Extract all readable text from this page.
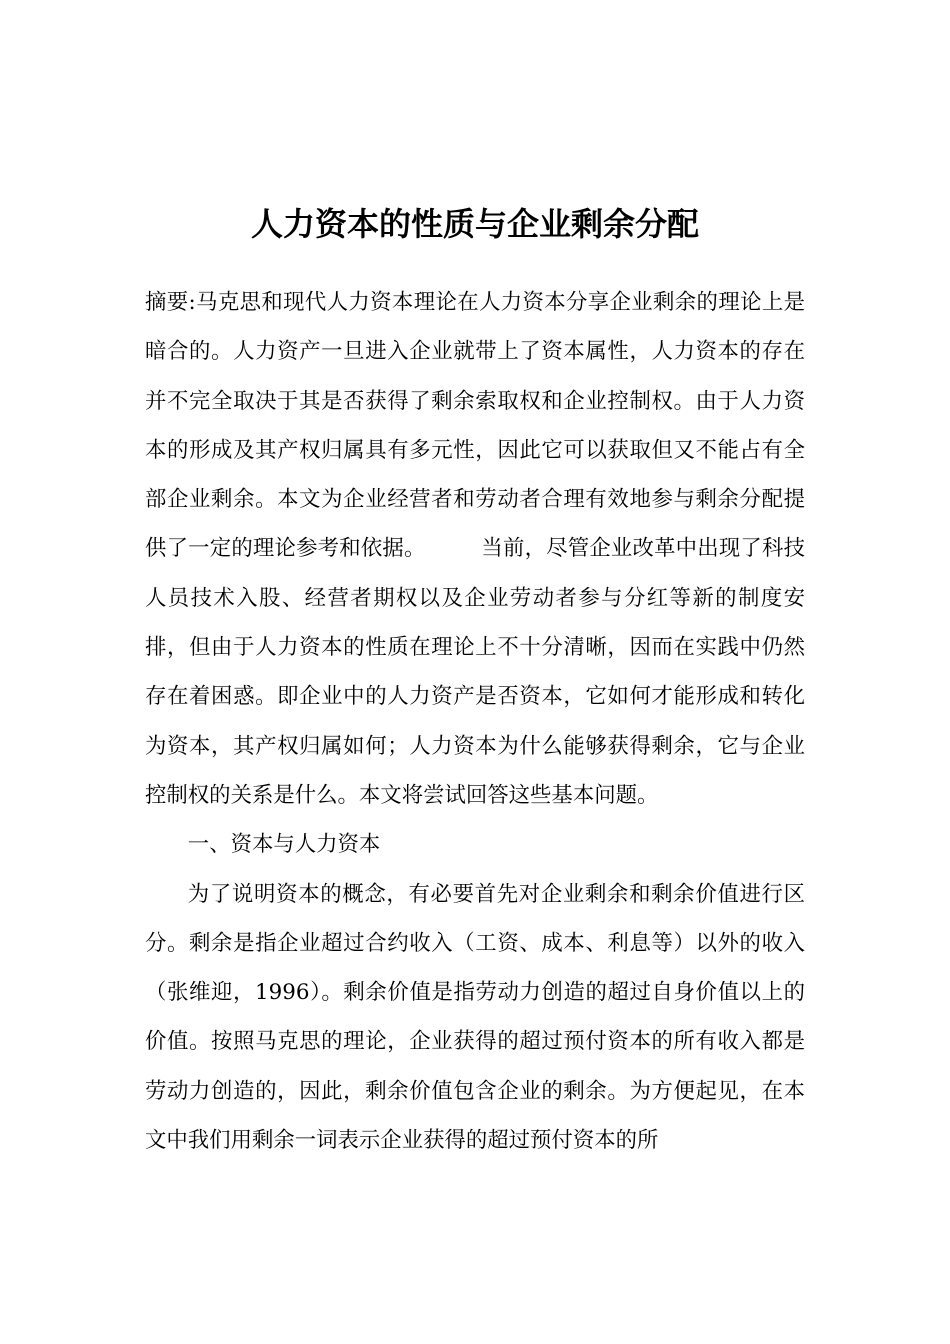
人力资本的性质与企业剩余分配

摘要:马克思和现代人力资本理论在人力资本分享企业剩余的理论上是暗合的。人力资产一旦进入企业就带上了资本属性，人力资本的存在并不完全取决于其是否获得了剩余索取权和企业控制权。由于人力资本的形成及其产权归属具有多元性，因此它可以获取但又不能占有全部企业剩余。本文为企业经营者和劳动者合理有效地参与剩余分配提供了一定的理论参考和依据。	当前，尽管企业改革中出现了科技人员技术入股、经营者期权以及企业劳动者参与分红等新的制度安排，但由于人力资本的性质在理论上不十分清晰，因而在实践中仍然存在着困惑。即企业中的人力资产是否资本，它如何才能形成和转化为资本，其产权归属如何；人力资本为什么能够获得剩余，它与企业控制权的关系是什么。本文将尝试回答这些基本问题。

一、资本与人力资本

为了说明资本的概念，有必要首先对企业剩余和剩余价值进行区分。剩余是指企业超过合约收入（工资、成本、利息等）以外的收入（张维迎，1996）。剩余价值是指劳动力创造的超过自身价值以上的价值。按照马克思的理论，企业获得的超过预付资本的所有收入都是劳动力创造的，因此，剩余价值包含企业的剩余。为方便起见，在本文中我们用剩余一词表示企业获得的超过预付资本的所
